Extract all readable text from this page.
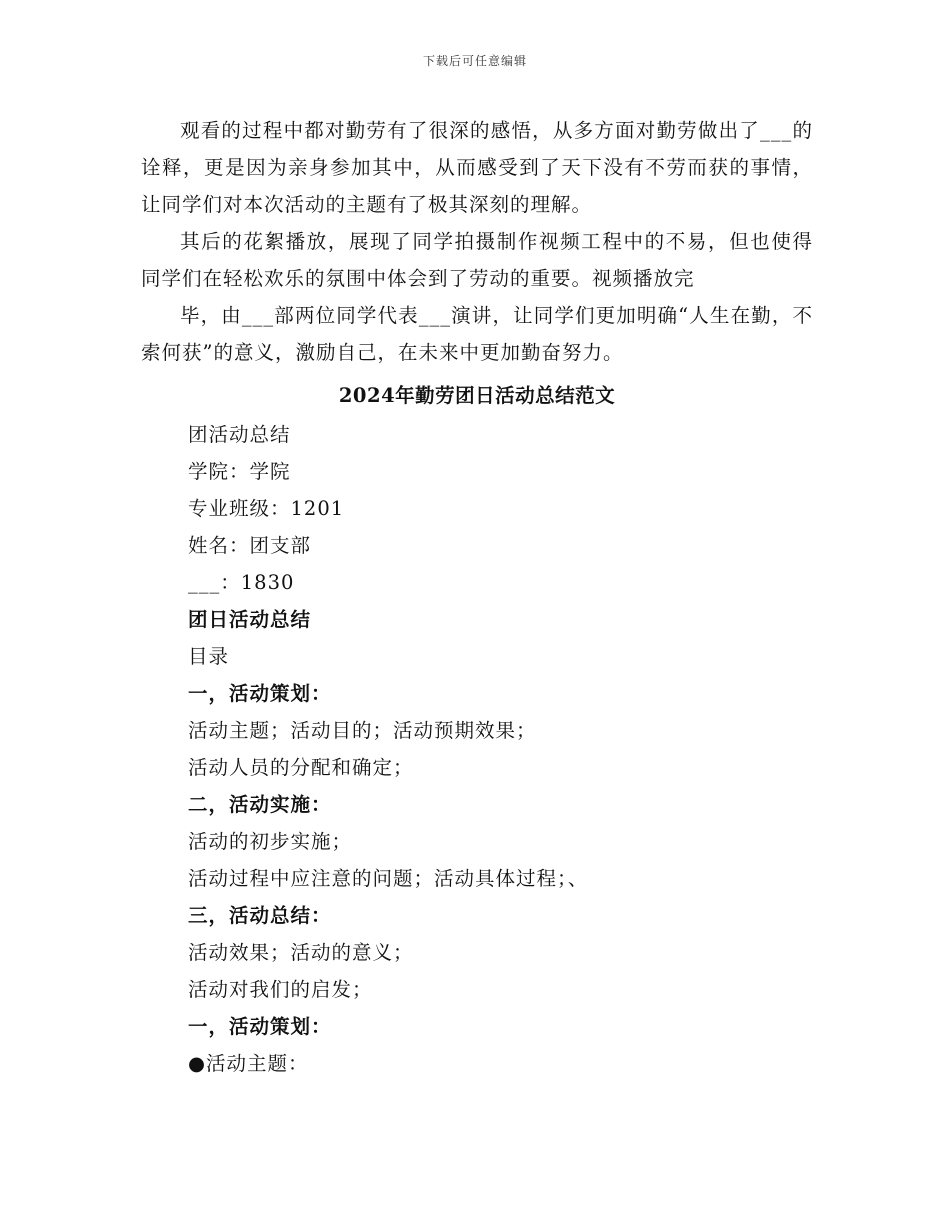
下载后可任意编辑

观看的过程中都对勤劳有了很深的感悟，从多方面对勤劳做出了___的诠释，更是因为亲身参加其中，从而感受到了天下没有不劳而获的事情，让同学们对本次活动的主题有了极其深刻的理解。

其后的花絮播放，展现了同学拍摄制作视频工程中的不易，但也使得同学们在轻松欢乐的氛围中体会到了劳动的重要。视频播放完

毕，由___部两位同学代表___演讲，让同学们更加明确“人生在勤，不索何获”的意义，激励自己，在未来中更加勤奋努力。

2024年勤劳团日活动总结范文

团活动总结

学院：学院

专业班级：1201

姓名：团支部

___：1830

团日活动总结

目录

一，活动策划：

活动主题；活动目的；活动预期效果；

活动人员的分配和确定；

二，活动实施：

活动的初步实施；

活动过程中应注意的问题；活动具体过程；、

三，活动总结：

活动效果；活动的意义；

活动对我们的启发；

一，活动策划：

●活动主题：
